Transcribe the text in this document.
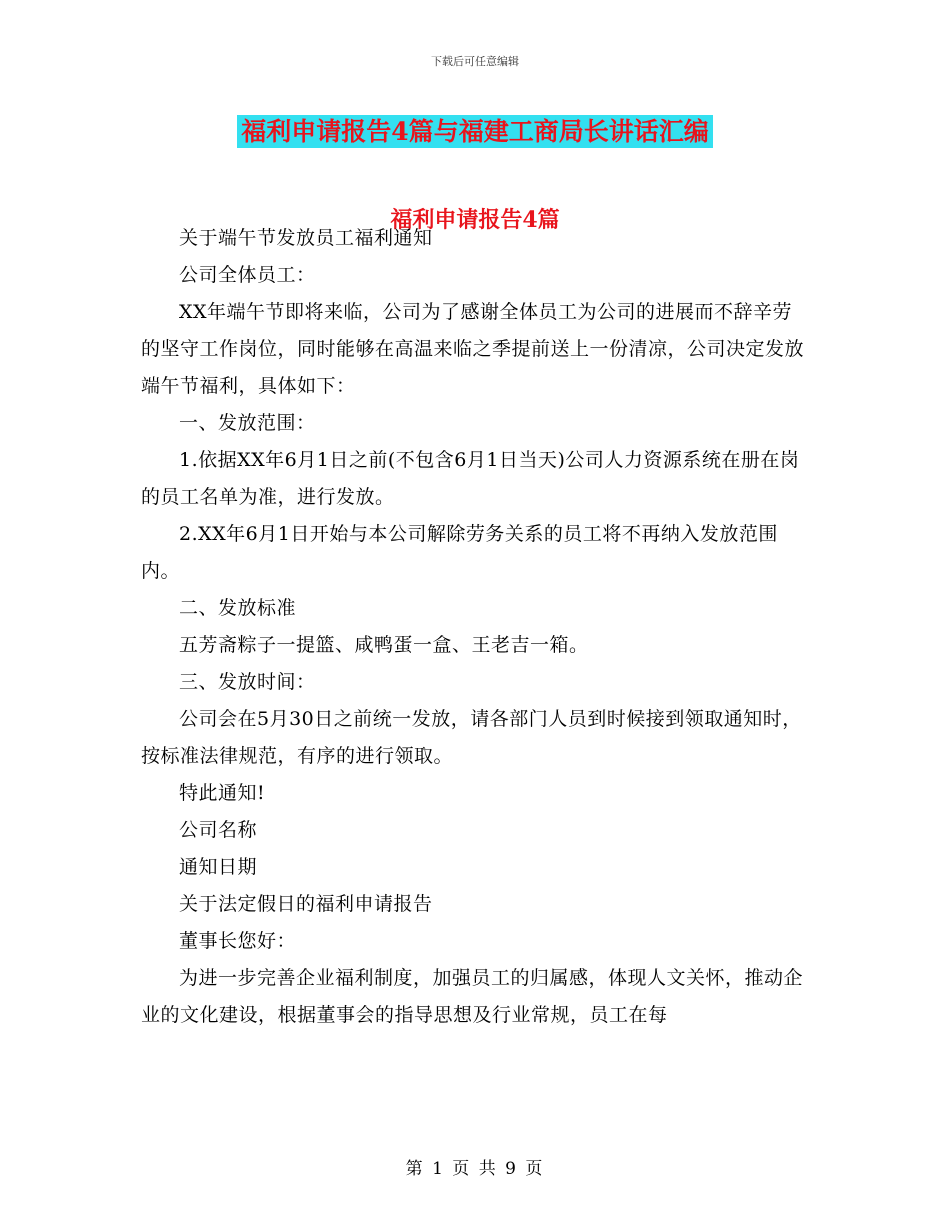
下载后可任意编辑
福利申请报告4篇与福建工商局长讲话汇编
福利申请报告4篇

关于端午节发放员工福利通知

公司全体员工：

XX年端午节即将来临，公司为了感谢全体员工为公司的进展而不辞辛劳的坚守工作岗位，同时能够在高温来临之季提前送上一份清凉，公司决定发放端午节福利，具体如下：

一、发放范围：

1.依据XX年6月1日之前(不包含6月1日当天)公司人力资源系统在册在岗的员工名单为准，进行发放。

2.XX年6月1日开始与本公司解除劳务关系的员工将不再纳入发放范围内。

二、发放标准

五芳斋粽子一提篮、咸鸭蛋一盒、王老吉一箱。

三、发放时间：

公司会在5月30日之前统一发放，请各部门人员到时候接到领取通知时，按标准法律规范，有序的进行领取。

特此通知!

公司名称

通知日期

关于法定假日的福利申请报告

董事长您好：

为进一步完善企业福利制度，加强员工的归属感，体现人文关怀，推动企业的文化建设，根据董事会的指导思想及行业常规，员工在每

第 1 页 共 9 页
